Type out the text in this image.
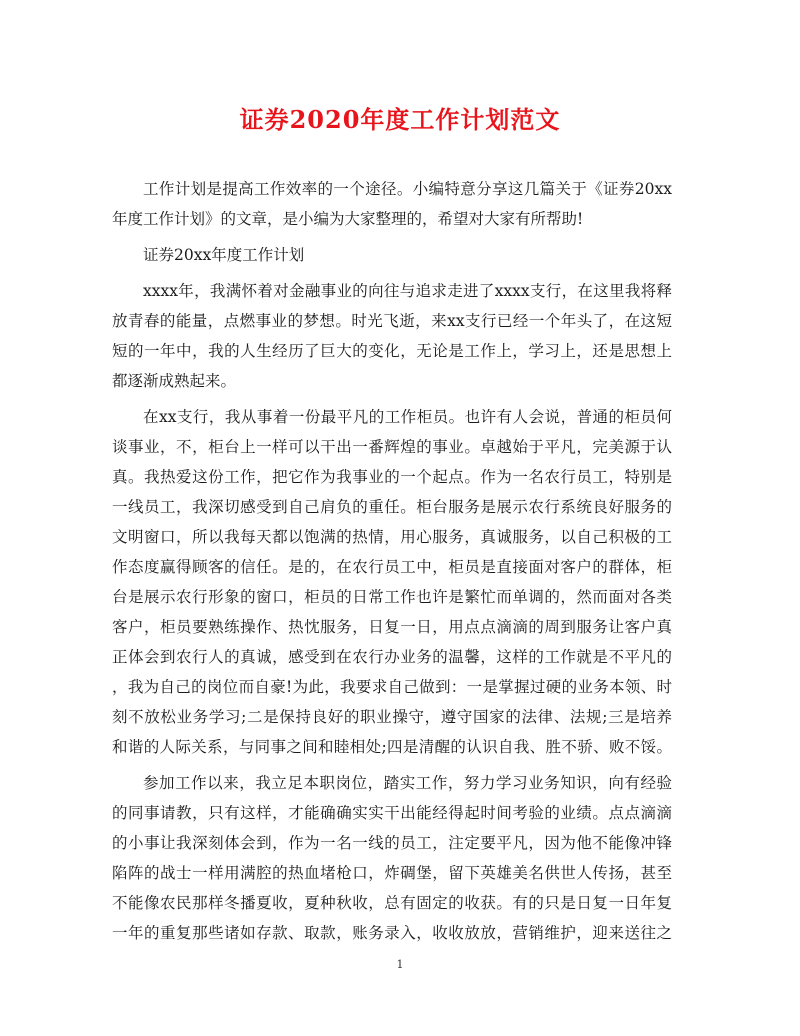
证券2020年度工作计划范文
工作计划是提高工作效率的一个途径。小编特意分享这几篇关于《证券20xx
年度工作计划》的文章，是小编为大家整理的，希望对大家有所帮助!
证券20xx年度工作计划
xxxx年，我满怀着对金融事业的向往与追求走进了xxxx支行，在这里我将释
放青春的能量，点燃事业的梦想。时光飞逝，来xx支行已经一个年头了，在这短
短的一年中，我的人生经历了巨大的变化，无论是工作上，学习上，还是思想上
都逐渐成熟起来。
在xx支行，我从事着一份最平凡的工作柜员。也许有人会说，普通的柜员何
谈事业，不，柜台上一样可以干出一番辉煌的事业。卓越始于平凡，完美源于认
真。我热爱这份工作，把它作为我事业的一个起点。作为一名农行员工，特别是
一线员工，我深切感受到自己肩负的重任。柜台服务是展示农行系统良好服务的
文明窗口，所以我每天都以饱满的热情，用心服务，真诚服务，以自己积极的工
作态度赢得顾客的信任。是的，在农行员工中，柜员是直接面对客户的群体，柜
台是展示农行形象的窗口，柜员的日常工作也许是繁忙而单调的，然而面对各类
客户，柜员要熟练操作、热忱服务，日复一日，用点点滴滴的周到服务让客户真
正体会到农行人的真诚，感受到在农行办业务的温馨，这样的工作就是不平凡的
，我为自己的岗位而自豪!为此，我要求自己做到：一是掌握过硬的业务本领、时
刻不放松业务学习;二是保持良好的职业操守，遵守国家的法律、法规;三是培养
和谐的人际关系，与同事之间和睦相处;四是清醒的认识自我、胜不骄、败不馁。
参加工作以来，我立足本职岗位，踏实工作，努力学习业务知识，向有经验
的同事请教，只有这样，才能确确实实干出能经得起时间考验的业绩。点点滴滴
的小事让我深刻体会到，作为一名一线的员工，注定要平凡，因为他不能像冲锋
陷阵的战士一样用满腔的热血堵枪口，炸碉堡，留下英雄美名供世人传扬，甚至
不能像农民那样冬播夏收，夏种秋收，总有固定的收获。有的只是日复一日年复
一年的重复那些诸如存款、取款，账务录入，收收放放，营销维护，迎来送往之
1
